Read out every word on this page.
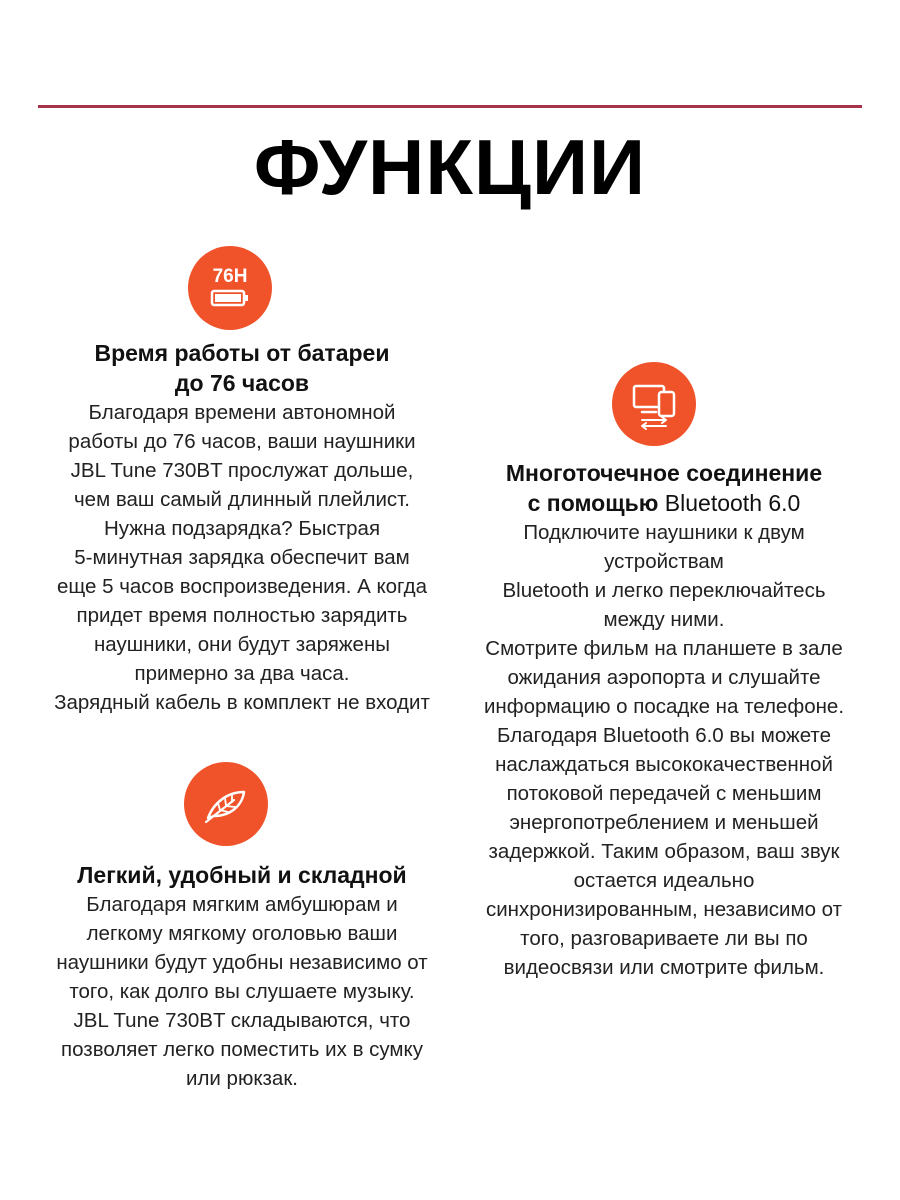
ФУНКЦИИ
76H
Время работы от батареи
до 76 часов
Благодаря времени автономной
работы до 76 часов, ваши наушники
JBL Tune 730BT прослужат дольше,
чем ваш самый длинный плейлист.
Нужна подзарядка? Быстрая
5-минутная зарядка обеспечит вам
еще 5 часов воспроизведения. А когда
придет время полностью зарядить
наушники, они будут заряжены
примерно за два часа.
Зарядный кабель в комплект не входит
Легкий, удобный и складной
Благодаря мягким амбушюрам и
легкому мягкому оголовью ваши
наушники будут удобны независимо от
того, как долго вы слушаете музыку.
JBL Tune 730BT складываются, что
позволяет легко поместить их в сумку
или рюкзак.
Многоточечное соединение
с помощью Bluetooth 6.0
Подключите наушники к двум
устройствам
Bluetooth и легко переключайтесь
между ними.
Смотрите фильм на планшете в зале
ожидания аэропорта и слушайте
информацию о посадке на телефоне.
Благодаря Bluetooth 6.0 вы можете
наслаждаться высококачественной
потоковой передачей с меньшим
энергопотреблением и меньшей
задержкой. Таким образом, ваш звук
остается идеально
синхронизированным, независимо от
того, разговариваете ли вы по
видеосвязи или смотрите фильм.
